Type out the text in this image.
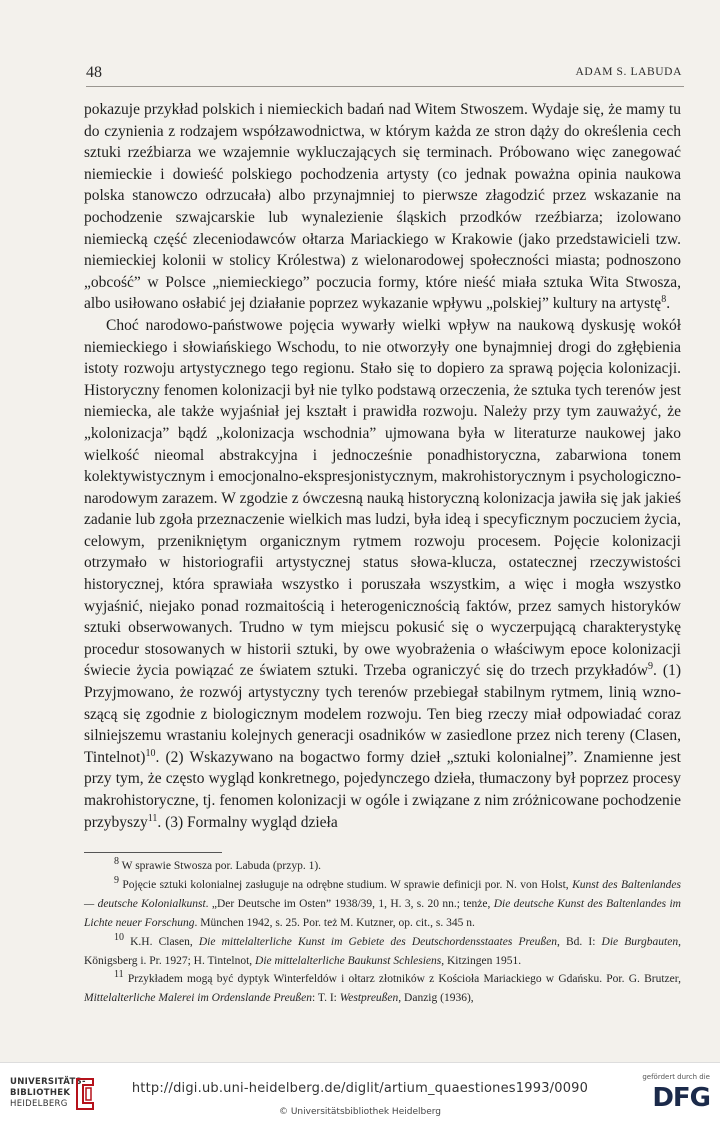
48	ADAM S. LABUDA

pokazuje przykład polskich i niemieckich badań nad Witem Stwoszem. Wydaje się, że mamy tu do czynienia z rodzajem współzawodnictwa, w którym każda ze stron dąży do określenia cech sztuki rzeźbiarza we wzajemnie wykluczających się terminach. Próbowano więc zanegować niemieckie i dowieść polskiego pochodzenia artysty (co jednak poważna opinia naukowa polska stanowczo odrzucała) albo przynajmniej to pierwsze złagodzić przez wskazanie na pochodzenie szwajcarskie lub wynalezienie śląskich przodków rzeźbiarza; izolowano niemiecką część zleceniodawców ołtarza Mariackiego w Krakowie (jako przedstawicieli tzw. niemieckiej kolonii w stolicy Królestwa) z wielonarodowej społeczności miasta; podnoszono „obcość” w Polsce „niemieckiego” poczucia formy, które nieść miała sztuka Wita Stwosza, albo usiłowano osłabić jej działanie poprzez wykazanie wpływu „polskiej” kultury na artystę$^8$.

Choć narodowo-państwowe pojęcia wywarły wielki wpływ na naukową dyskusję wokół niemieckiego i słowiańskiego Wschodu, to nie otworzyły one bynajmniej drogi do zgłębienia istoty rozwoju artystycznego tego regionu. Stało się to dopiero za sprawą pojęcia kolonizacji. Historyczny fenomen kolonizacji był nie tylko podstawą orzeczenia, że sztuka tych terenów jest niemiecka, ale także wyjaśniał jej kształt i prawidła rozwoju. Należy przy tym zauważyć, że „kolonizacja” bądź „kolonizacja wschodnia” ujmowana była w literaturze naukowej jako wielkość nieomal abstrakcyjna i jednocześnie ponadhistoryczna, zabarwiona tonem kolektywistycznym i emocjonalno-ekspresjonistycznym, makrohistorycznym i psychologiczno-narodowym zarazem. W zgodzie z ówczesną nauką historyczną kolonizacja jawiła się jak jakieś zadanie lub zgoła przeznaczenie wielkich mas ludzi, była ideą i specyficznym poczuciem życia, celowym, przenikniętym organicznym rytmem rozwoju procesem. Pojęcie kolonizacji otrzymało w historiografii artystycznej status słowa-klucza, ostatecznej rzeczywistości historycznej, która sprawiała wszystko i poruszała wszystkim, a więc i mogła wszystko wyjaśnić, niejako ponad rozmaitością i heterogenicznością faktów, przez samych historyków sztuki obserwowanych. Trudno w tym miejscu pokusić się o wyczerpującą charakterystykę procedur stosowanych w historii sztuki, by owe wyobrażenia o właściwym epoce kolonizacji świecie życia powiązać ze światem sztuki. Trzeba ograniczyć się do trzech przykładów$^9$. (1) Przyjmowano, że rozwój artystyczny tych terenów przebiegał stabilnym rytmem, linią wznoszącą się zgodnie z biologicznym modelem rozwoju. Ten bieg rzeczy miał odpowiadać coraz silniejszemu wrastaniu kolejnych generacji osadników w zasiedlone przez nich tereny (Clasen, Tintelnot)$^{10}$. (2) Wskazywano na bogactwo formy dzieł „sztuki kolonialnej”. Znamienne jest przy tym, że często wygląd konkretnego, pojedynczego dzieła, tłumaczony był poprzez procesy makrohistoryczne, tj. fenomen kolonizacji w ogóle i związane z nim zróżnicowane pochodzenie przybyszy$^{11}$. (3) Formalny wygląd dzieła

$^8$ W sprawie Stwosza por. Labuda (przyp. 1).

$^9$ Pojęcie sztuki kolonialnej zasługuje na odrębne studium. W sprawie definicji por. N. von Holst, Kunst des Baltenlandes — deutsche Kolonialkunst. „Der Deutsche im Osten” 1938/39, 1, H. 3, s. 20 nn.; tenże, Die deutsche Kunst des Baltenlandes im Lichte neuer Forschung. München 1942, s. 25. Por. też M. Kutzner, op. cit., s. 345 n.

$^{10}$ K.H. Clasen, Die mittelalterliche Kunst im Gebiete des Deutschordensstaates Preußen, Bd. I: Die Burgbauten, Königsberg i. Pr. 1927; H. Tintelnot, Die mittelalterliche Baukunst Schlesiens, Kitzingen 1951.

$^{11}$ Przykładem mogą być dyptyk Winterfeldów i ołtarz złotników z Kościoła Mariackiego w Gdańsku. Por. G. Brutzer, Mittelalterliche Malerei im Ordenslande Preußen: T. I: Westpreußen, Danzig (1936),

UNIVERSITÄTS-
BIBLIOTHEK
HEIDELBERG
http://digi.ub.uni-heidelberg.de/diglit/artium_quaestiones1993/0090
© Universitätsbibliothek Heidelberg
gefördert durch die
DFG
